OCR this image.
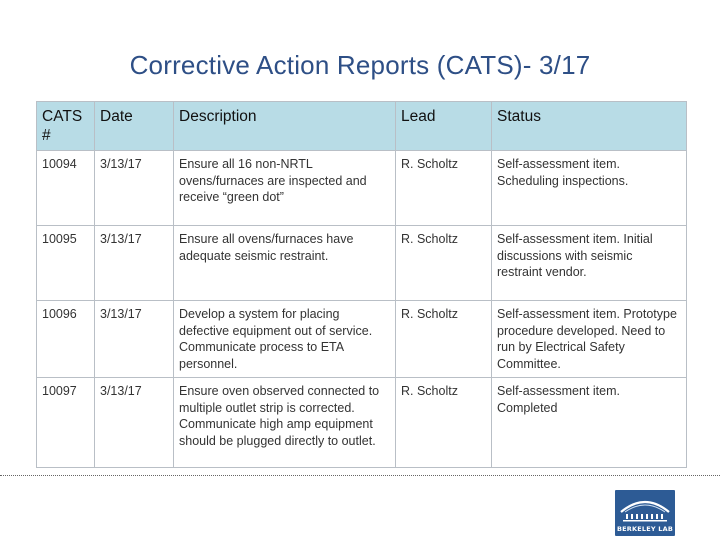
Corrective Action Reports (CATS)- 3/17
CATS #	Date	Description	Lead	Status
10094	3/13/17	Ensure all 16 non-NRTL ovens/furnaces are inspected and receive “green dot”	R. Scholtz	Self-assessment item. Scheduling inspections.
10095	3/13/17	Ensure all ovens/furnaces have adequate seismic restraint.	R. Scholtz	Self-assessment item. Initial discussions with seismic restraint vendor.
10096	3/13/17	Develop a system for placing defective equipment out of service. Communicate process to ETA personnel.	R. Scholtz	Self-assessment item. Prototype procedure developed. Need to run by Electrical Safety Committee.
10097	3/13/17	Ensure oven observed connected to multiple outlet strip is corrected. Communicate high amp equipment should be plugged directly to outlet.	R. Scholtz	Self-assessment item. Completed
BERKELEY LAB
